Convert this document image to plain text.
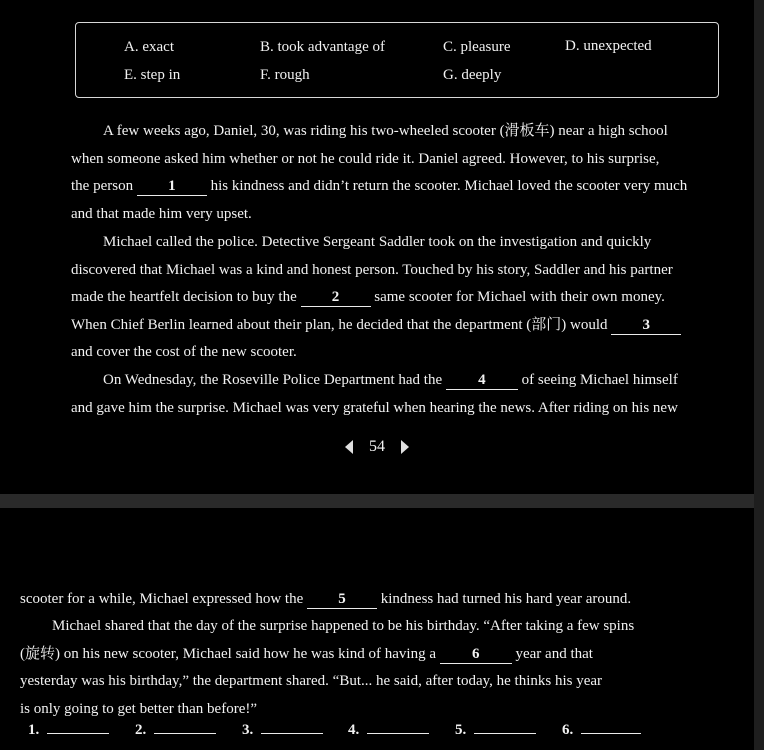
A. exact	B. took advantage of	C. pleasure	D. unexpected
E. step in	F. rough	G. deeply
A few weeks ago, Daniel, 30, was riding his two-wheeled scooter (滑板车) near a high school
when someone asked him whether or not he could ride it. Daniel agreed. However, to his surprise,
the person 1 his kindness and didn’t return the scooter. Michael loved the scooter very much
and that made him very upset.
Michael called the police. Detective Sergeant Saddler took on the investigation and quickly
discovered that Michael was a kind and honest person. Touched by his story, Saddler and his partner
made the heartfelt decision to buy the 2 same scooter for Michael with their own money.
When Chief Berlin learned about their plan, he decided that the department (部门) would 3
and cover the cost of the new scooter.
On Wednesday, the Roseville Police Department had the 4 of seeing Michael himself
and gave him the surprise. Michael was very grateful when hearing the news. After riding on his new
54
scooter for a while, Michael expressed how the 5 kindness had turned his hard year around.
Michael shared that the day of the surprise happened to be his birthday. “After taking a few spins
(旋转) on his new scooter, Michael said how he was kind of having a 6 year and that
yesterday was his birthday,” the department shared. “But... he said, after today, he thinks his year
is only going to get better than before!”
1.	2.	3.	4.	5.	6.
